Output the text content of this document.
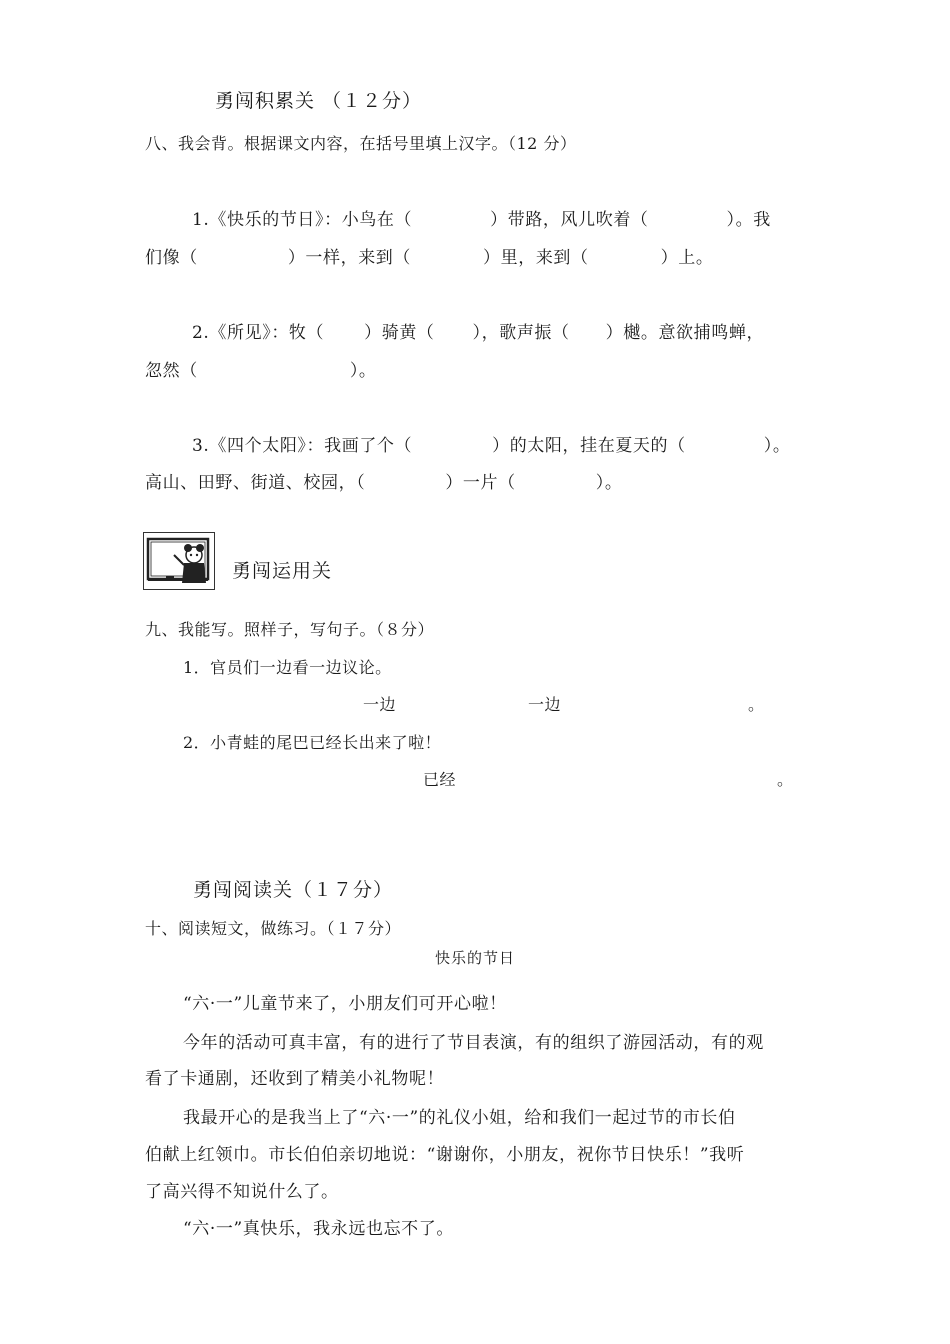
勇闯积累关 （１２分）
八、我会背。根据课文内容，在括号里填上汉字。（12 分）
1.《快乐的节日》：小鸟在（	）带路，风儿吹着（	）。我
们像（	）一样，来到（	）里，来到（	）上。
2.《所见》：牧（ ）骑黄（ ），歌声振（ ）樾。意欲捕鸣蝉，
忽然（	）。
3.《四个太阳》：我画了个（	）的太阳，挂在夏天的（	）。
高山、田野、街道、校园，（	）一片（	）。
勇闯运用关
九、我能写。照样子，写句子。（８分）
1．官员们一边看一边议论。
一边	一边	。
2．小青蛙的尾巴已经长出来了啦！
已经	。
勇闯阅读关（１７分）
十、阅读短文，做练习。（１７分）
快乐的节日
“六·一”儿童节来了，小朋友们可开心啦！
今年的活动可真丰富，有的进行了节目表演，有的组织了游园活动，有的观
看了卡通剧，还收到了精美小礼物呢！
我最开心的是我当上了“六·一”的礼仪小姐，给和我们一起过节的市长伯
伯献上红领巾。市长伯伯亲切地说：“谢谢你，小朋友，祝你节日快乐！”我听
了高兴得不知说什么了。
“六·一”真快乐，我永远也忘不了。
